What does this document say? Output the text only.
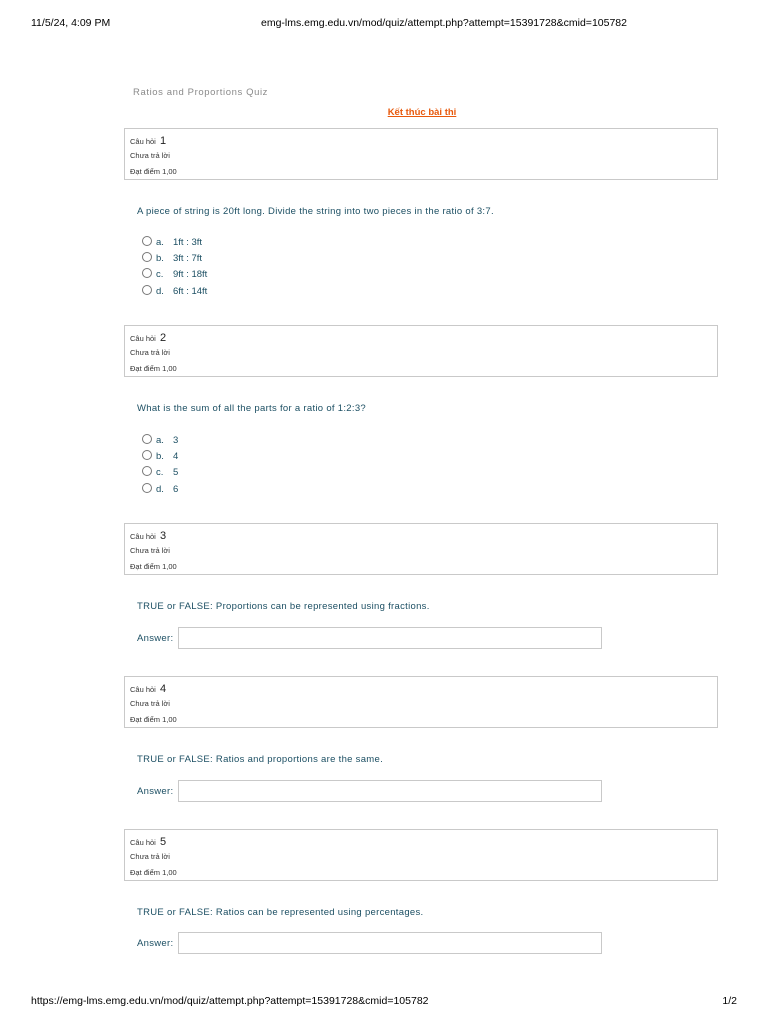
11/5/24, 4:09 PM	emg-lms.emg.edu.vn/mod/quiz/attempt.php?attempt=15391728&cmid=105782
Ratios and Proportions Quiz
Kết thúc bài thi
Câu hỏi 1
Chưa trả lời
Đạt điểm 1,00
A piece of string is 20ft long. Divide the string into two pieces in the ratio of 3:7.
a. 1ft : 3ft
b. 3ft : 7ft
c. 9ft : 18ft
d. 6ft : 14ft
Câu hỏi 2
Chưa trả lời
Đạt điểm 1,00
What is the sum of all the parts for a ratio of 1:2:3?
a. 3
b. 4
c. 5
d. 6
Câu hỏi 3
Chưa trả lời
Đạt điểm 1,00
TRUE or FALSE: Proportions can be represented using fractions.
Answer:
Câu hỏi 4
Chưa trả lời
Đạt điểm 1,00
TRUE or FALSE: Ratios and proportions are the same.
Answer:
Câu hỏi 5
Chưa trả lời
Đạt điểm 1,00
TRUE or FALSE: Ratios can be represented using percentages.
Answer:
https://emg-lms.emg.edu.vn/mod/quiz/attempt.php?attempt=15391728&cmid=105782	1/2
